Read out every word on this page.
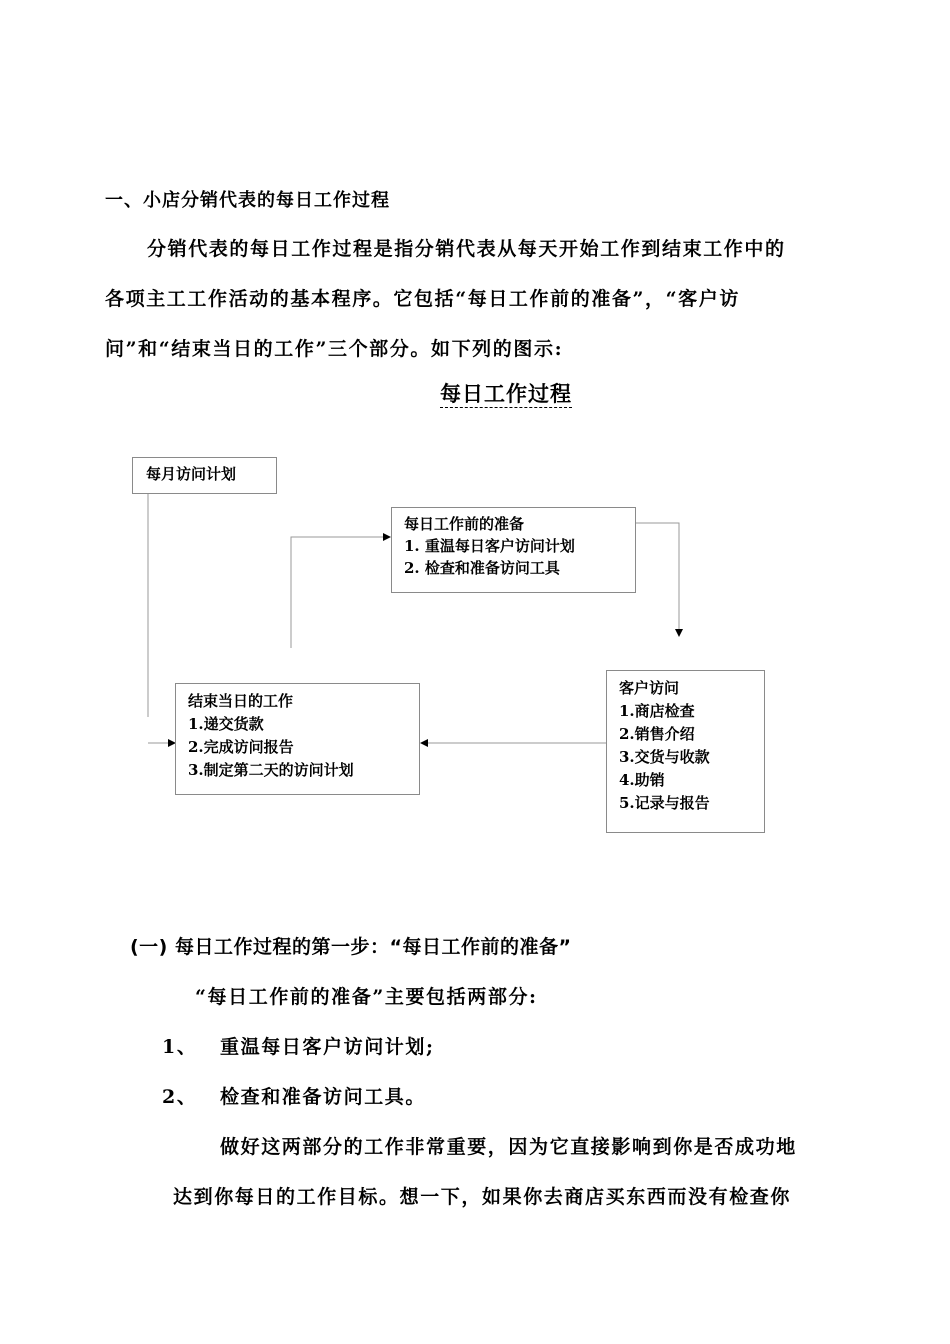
一、小店分销代表的每日工作过程
分销代表的每日工作过程是指分销代表从每天开始工作到结束工作中的
各项主工工作活动的基本程序。它包括“每日工作前的准备”，“客户访
问”和“结束当日的工作”三个部分。如下列的图示:
每日工作过程
每月访问计划
每日工作前的准备
1. 重温每日客户访问计划
2. 检查和准备访问工具
结束当日的工作
1.递交货款
2.完成访问报告
3.制定第二天的访问计划
客户访问
1.商店检查
2.销售介绍
3.交货与收款
4.助销
5.记录与报告
(一) 每日工作过程的第一步：“每日工作前的准备”
“每日工作前的准备”主要包括两部分:
1、 重温每日客户访问计划;
2、 检查和准备访问工具。
做好这两部分的工作非常重要，因为它直接影响到你是否成功地
达到你每日的工作目标。想一下，如果你去商店买东西而没有检查你
